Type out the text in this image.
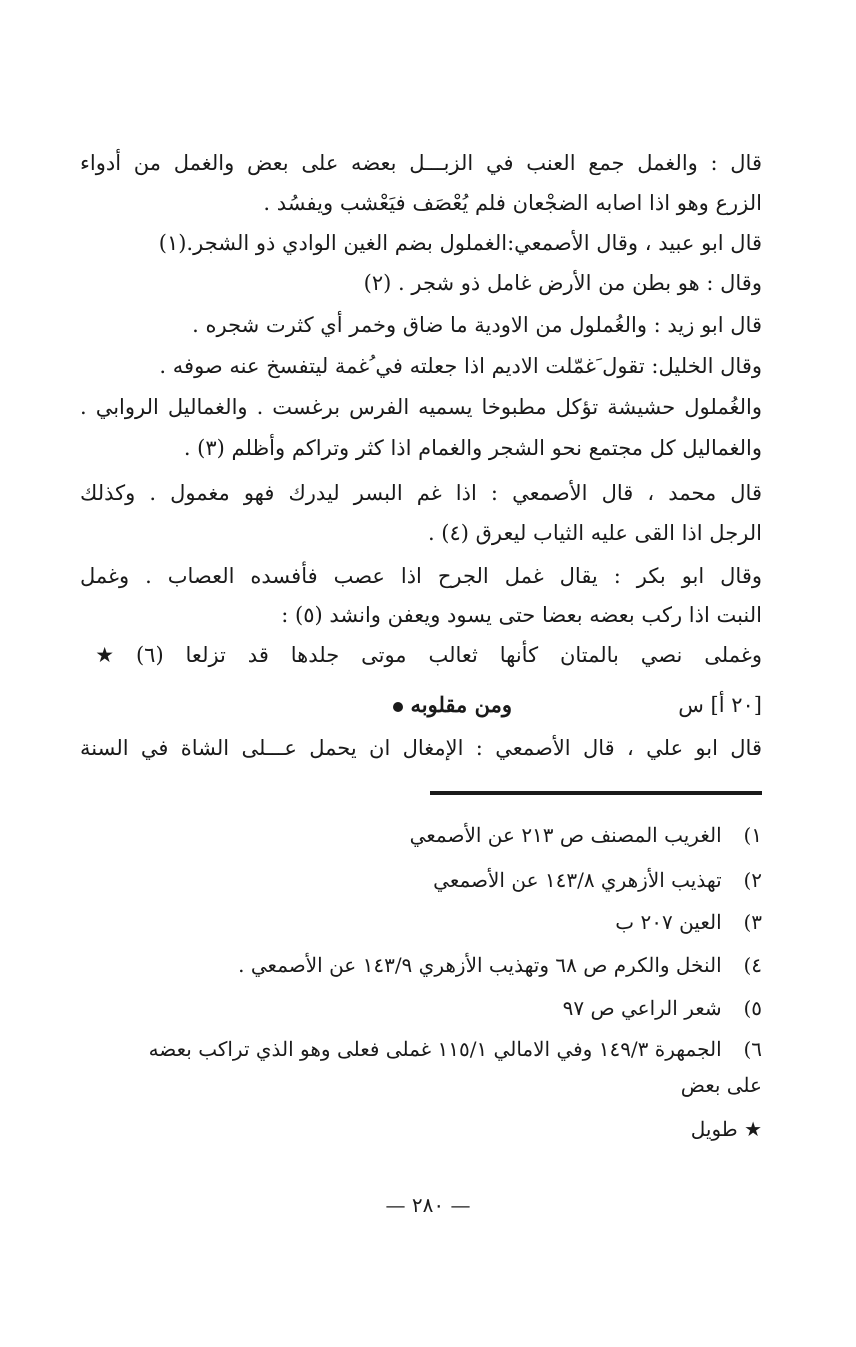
قال : والغمل جمع العنب في الزبـــل بعضه على بعض والغمل من أدواء
الزرع وهو اذا اصابه الضجْعان فلم يُعْصَف فيَعْشب ويفسُد .
قال ابو عبيد ، وقال الأصمعي:الغملول بضم الغين الوادي ذو الشجر.(١)
وقال : هو بطن من الأرض غامل ذو شجر . (٢)
قال ابو زيد : والغُملول من الاودية ما ضاق وخمر أي كثرت شجره .
وقال الخليل: تقول َغمّلت الاديم اذا جعلته في ُغمة ليتفسخ عنه صوفه .
والغُملول حشيشة تؤكل مطبوخا يسميه الفرس برغست . والغماليل الروابي .
والغماليل كل مجتمع نحو الشجر والغمام اذا كثر وتراكم وأظلم (٣) .
قال محمد ، قال الأصمعي : اذا غم البسر ليدرك فهو مغمول . وكذلك
الرجل اذا القى عليه الثياب ليعرق (٤) .
وقال ابو بكر : يقال غمل الجرح اذا عصب فأفسده العصاب . وغمل
النبت اذا ركب بعضه بعضا حتى يسود ويعفن وانشد (٥) :
وغملى نصي بالمتان كأنها ثعالب موتى جلدها قد تزلعا (٦) ★
[٢٠ أ] س
ومن مقلوبه
قال ابو علي ، قال الأصمعي : الإمغال ان يحمل عـــلى الشاة في السنة
١) الغريب المصنف ص ٢١٣ عن الأصمعي
٢) تهذيب الأزهري ١٤٣/٨ عن الأصمعي
٣) العين ٢٠٧ ب
٤) النخل والكرم ص ٦٨ وتهذيب الأزهري ١٤٣/٩ عن الأصمعي .
٥) شعر الراعي ص ٩٧
٦) الجمهرة ١٤٩/٣ وفي الامالي ١١٥/١ غملى فعلى وهو الذي تراكب بعضه
على بعض
★ طويل
— ٢٨٠ —
